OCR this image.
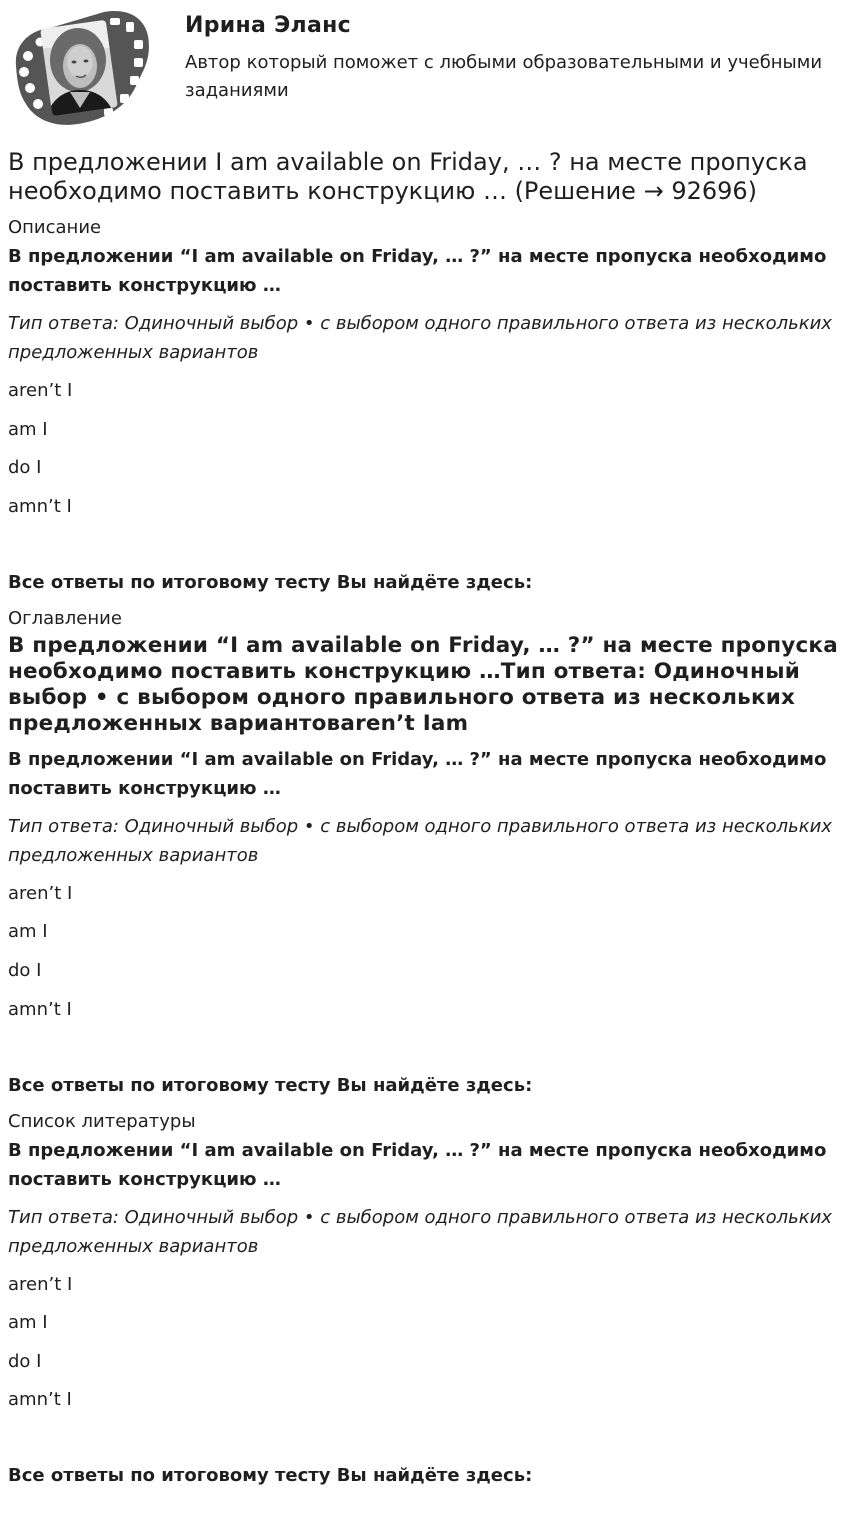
Ирина Эланс

Автор который поможет с любыми образовательными и учебными заданиями

В предложении I am available on Friday, … ? на месте пропуска необходимо поставить конструкцию … (Решение → 92696)
Описание

В предложении “I am available on Friday, … ?” на месте пропуска необходимо поставить конструкцию …

Тип ответа: Одиночный выбор • с выбором одного правильного ответа из нескольких предложенных вариантов

aren’t I
am I
do I
amn’t I

Все ответы по итоговому тесту Вы найдёте здесь:

Оглавление
В предложении “I am available on Friday, … ?” на месте пропуска необходимо поставить конструкцию …Тип ответа: Одиночный выбор • с выбором одного правильного ответа из нескольких предложенных вариантоваren’t Iam

В предложении “I am available on Friday, … ?” на месте пропуска необходимо поставить конструкцию …

Тип ответа: Одиночный выбор • с выбором одного правильного ответа из нескольких предложенных вариантов

aren’t I
am I
do I
amn’t I

Все ответы по итоговому тесту Вы найдёте здесь:

Список литературы

В предложении “I am available on Friday, … ?” на месте пропуска необходимо поставить конструкцию …

Тип ответа: Одиночный выбор • с выбором одного правильного ответа из нескольких предложенных вариантов

aren’t I
am I
do I
amn’t I

Все ответы по итоговому тесту Вы найдёте здесь:
